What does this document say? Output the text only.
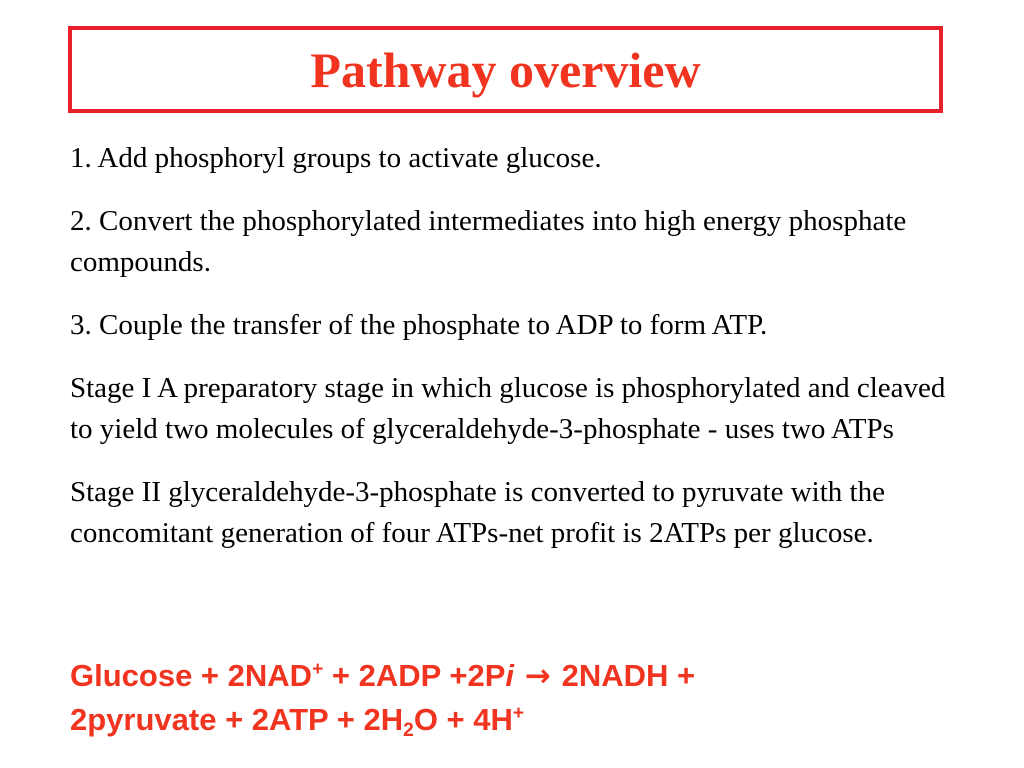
Pathway overview

1. Add phosphoryl groups to activate glucose.

2. Convert the phosphorylated intermediates into high energy phosphate compounds.

3. Couple the transfer of the phosphate to ADP to form ATP.

Stage I A preparatory stage in which glucose is phosphorylated and cleaved to yield two molecules of glyceraldehyde-3-phosphate - uses two ATPs

Stage II glyceraldehyde-3-phosphate is converted to pyruvate with the concomitant generation of four ATPs-net profit is 2ATPs per glucose.

Glucose + 2NAD+ + 2ADP +2Pi → 2NADH +

2pyruvate + $2ATP + 2H_2O + 4H^+$
